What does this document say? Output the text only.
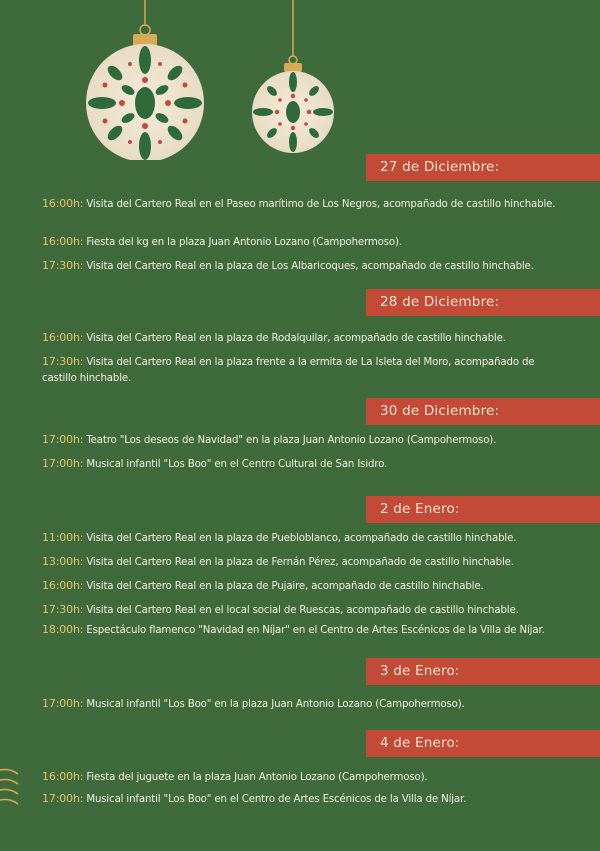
27 de Diciembre:
28 de Diciembre:
30 de Diciembre:
2 de Enero:
3 de Enero:
4 de Enero:
16:00h: Visita del Cartero Real en el Paseo marítimo de Los Negros, acompañado de castillo hinchable.
16:00h: Fiesta del kg en la plaza Juan Antonio Lozano (Campohermoso).
17:30h: Visita del Cartero Real en la plaza de Los Albaricoques, acompañado de castillo hinchable.
16:00h: Visita del Cartero Real en la plaza de Rodalquilar, acompañado de castillo hinchable.
17:30h: Visita del Cartero Real en la plaza frente a la ermita de La Isleta del Moro, acompañado de castillo hinchable.
17:00h: Teatro "Los deseos de Navidad" en la plaza Juan Antonio Lozano (Campohermoso).
17:00h: Musical infantil "Los Boo" en el Centro Cultural de San Isidro.
11:00h: Visita del Cartero Real en la plaza de Puebloblanco, acompañado de castillo hinchable.
13:00h: Visita del Cartero Real en la plaza de Fernán Pérez, acompañado de castillo hinchable.
16:00h: Visita del Cartero Real en la plaza de Pujaire, acompañado de castillo hinchable.
17:30h: Visita del Cartero Real en el local social de Ruescas, acompañado de castillo hinchable.
18:00h: Espectáculo flamenco "Navidad en Níjar" en el Centro de Artes Escénicos de la Villa de Níjar.
17:00h: Musical infantil "Los Boo" en la plaza Juan Antonio Lozano (Campohermoso).
16:00h: Fiesta del juguete en la plaza Juan Antonio Lozano (Campohermoso).
17:00h: Musical infantil "Los Boo" en el Centro de Artes Escénicos de la Villa de Níjar.
